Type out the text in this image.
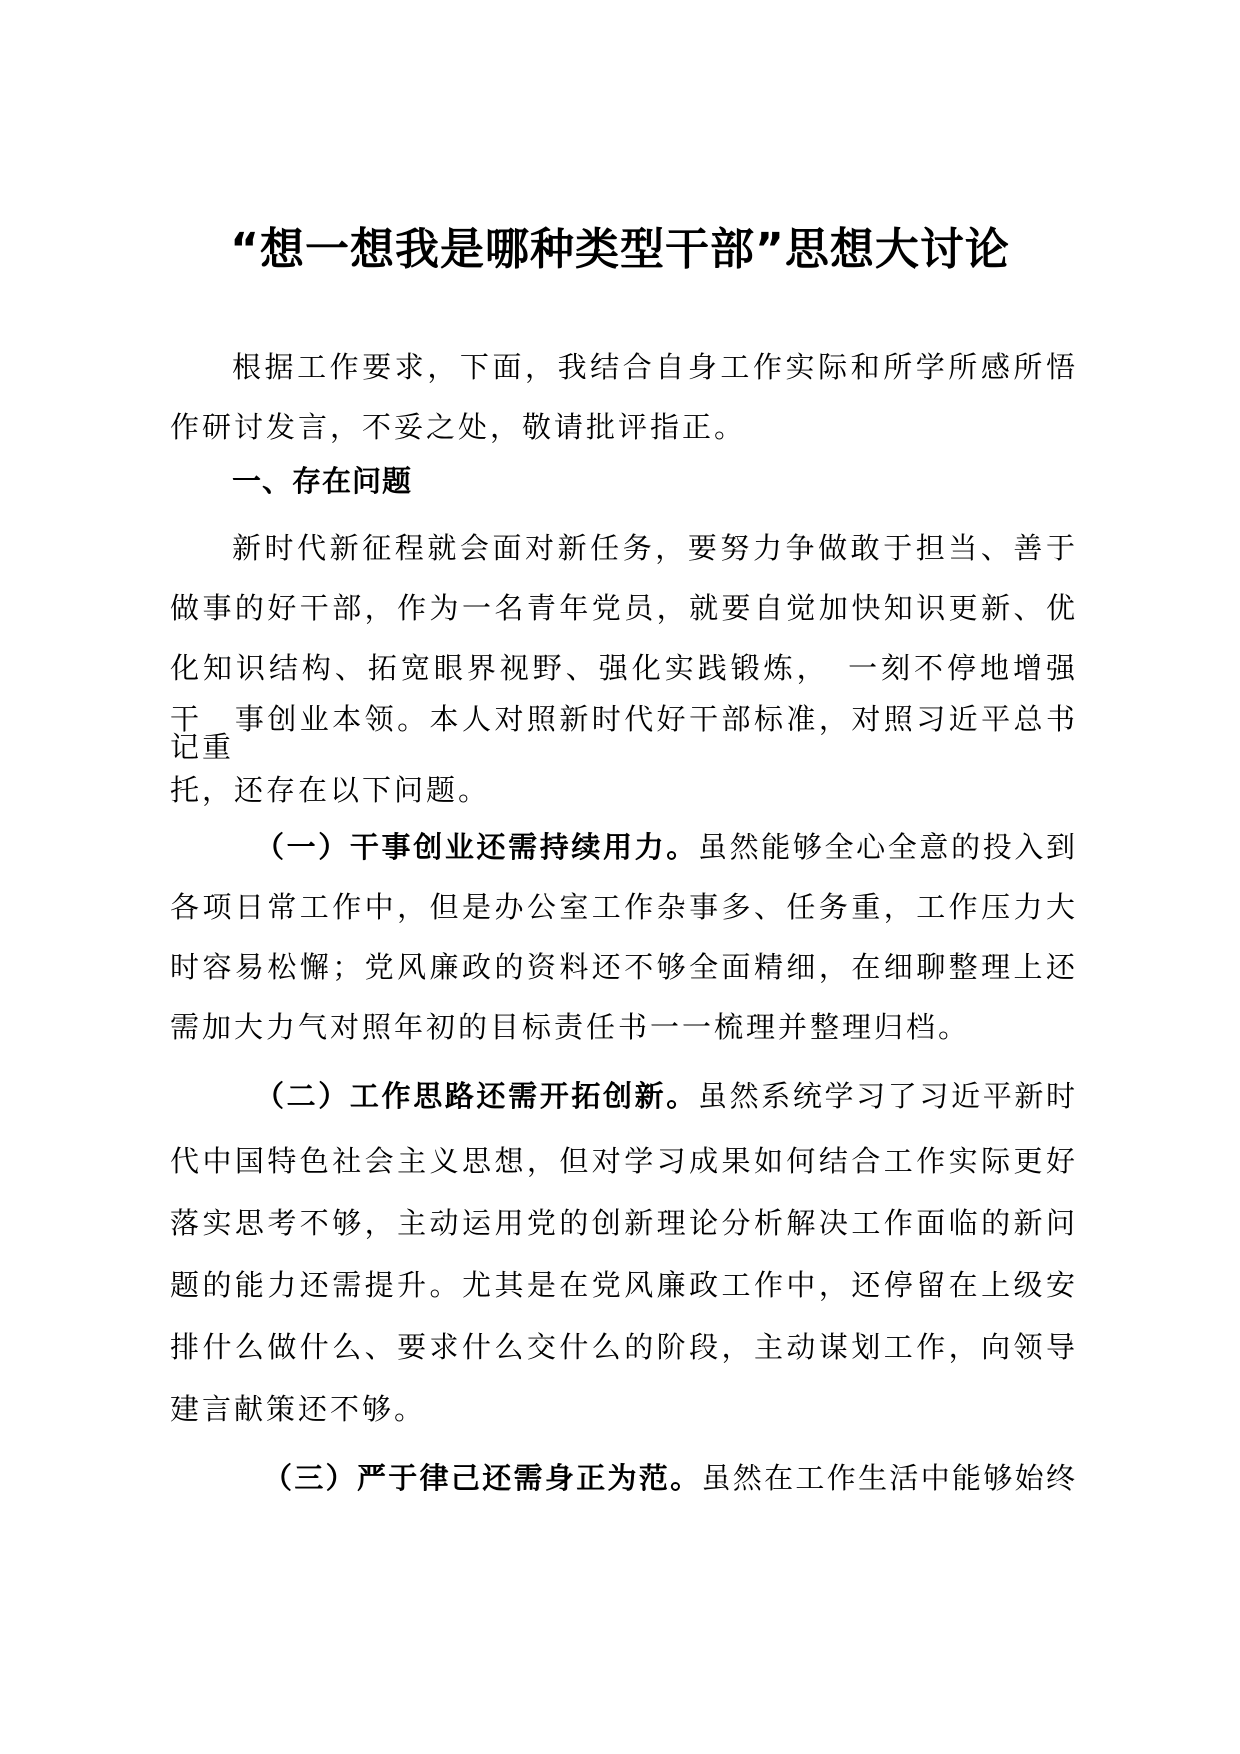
“想一想我是哪种类型干部”思想大讨论
根据工作要求，下面，我结合自身工作实际和所学所感所悟
作研讨发言，不妥之处，敬请批评指正。
一、存在问题
新时代新征程就会面对新任务，要努力争做敢于担当、善于
做事的好干部，作为一名青年党员，就要自觉加快知识更新、优
化知识结构、拓宽眼界视野、强化实践锻炼，　一刻不停地增强
干　事创业本领。本人对照新时代好干部标准，对照习近平总书
记重
托，还存在以下问题。
（一）干事创业还需持续用力。虽然能够全心全意的投入到
各项日常工作中，但是办公室工作杂事多、任务重，工作压力大
时容易松懈；党风廉政的资料还不够全面精细，在细聊整理上还
需加大力气对照年初的目标责任书一一梳理并整理归档。
（二）工作思路还需开拓创新。虽然系统学习了习近平新时
代中国特色社会主义思想，但对学习成果如何结合工作实际更好
落实思考不够，主动运用党的创新理论分析解决工作面临的新问
题的能力还需提升。尤其是在党风廉政工作中，还停留在上级安
排什么做什么、要求什么交什么的阶段，主动谋划工作，向领导
建言献策还不够。
（三）严于律己还需身正为范。虽然在工作生活中能够始终
